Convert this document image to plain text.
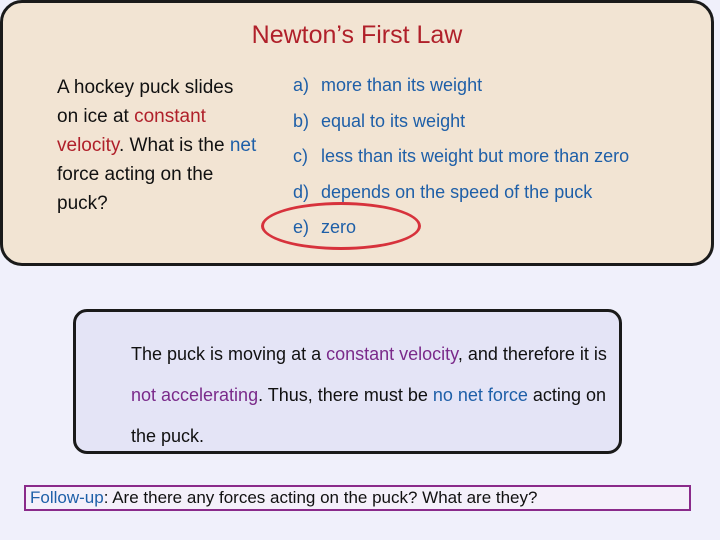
Newton’s First Law
A hockey puck slides on ice at constant velocity. What is the net force acting on the puck?
a) more than its weight
b) equal to its weight
c) less than its weight but more than zero
d) depends on the speed of the puck
e) zero
The puck is moving at a constant velocity, and therefore it is not accelerating. Thus, there must be no net force acting on the puck.
Follow-up: Are there any forces acting on the puck? What are they?
